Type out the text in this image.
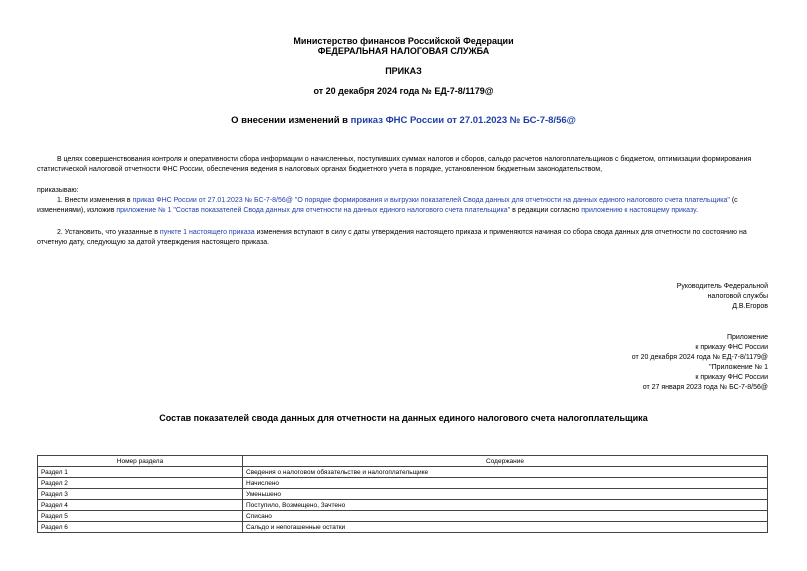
Министерство финансов Российской Федерации
ФЕДЕРАЛЬНАЯ НАЛОГОВАЯ СЛУЖБА
ПРИКАЗ
от 20 декабря 2024 года № ЕД-7-8/1179@
О внесении изменений в приказ ФНС России от 27.01.2023 № БС-7-8/56@
В целях совершенствования контроля и оперативности сбора информации о начисленных, поступивших суммах налогов и сборов, сальдо расчетов налогоплательщиков с бюджетом, оптимизации формирования
статистической налоговой отчетности ФНС России, обеспечения ведения в налоговых органах бюджетного учета в порядке, установленном бюджетным законодательством,
приказываю:
1. Внести изменения в приказ ФНС России от 27.01.2023 № БС-7-8/56@ "О порядке формирования и выгрузки показателей Свода данных для отчетности на данных единого налогового счета плательщика" (с
изменениями), изложив приложение № 1 "Состав показателей Свода данных для отчетности на данных единого налогового счета плательщика" в редакции согласно приложению к настоящему приказу.
2. Установить, что указанные в пункте 1 настоящего приказа изменения вступают в силу с даты утверждения настоящего приказа и применяются начиная со сбора свода данных для отчетности по состоянию на
отчетную дату, следующую за датой утверждения настоящего приказа.
Руководитель Федеральной
налоговой службы
Д.В.Егоров
Приложение
к приказу ФНС России
от 20 декабря 2024 года № ЕД-7-8/1179@
"Приложение № 1
к приказу ФНС России
от 27 января 2023 года № БС-7-8/56@
Состав показателей свода данных для отчетности на данных единого налогового счета налогоплательщика
Номер раздела	Содержание
Раздел 1	Сведения о налоговом обязательстве и налогоплательщике
Раздел 2	Начислено
Раздел 3	Уменьшено
Раздел 4	Поступило, Возмещено, Зачтено
Раздел 5	Списано
Раздел 6	Сальдо и непогашенные остатки
